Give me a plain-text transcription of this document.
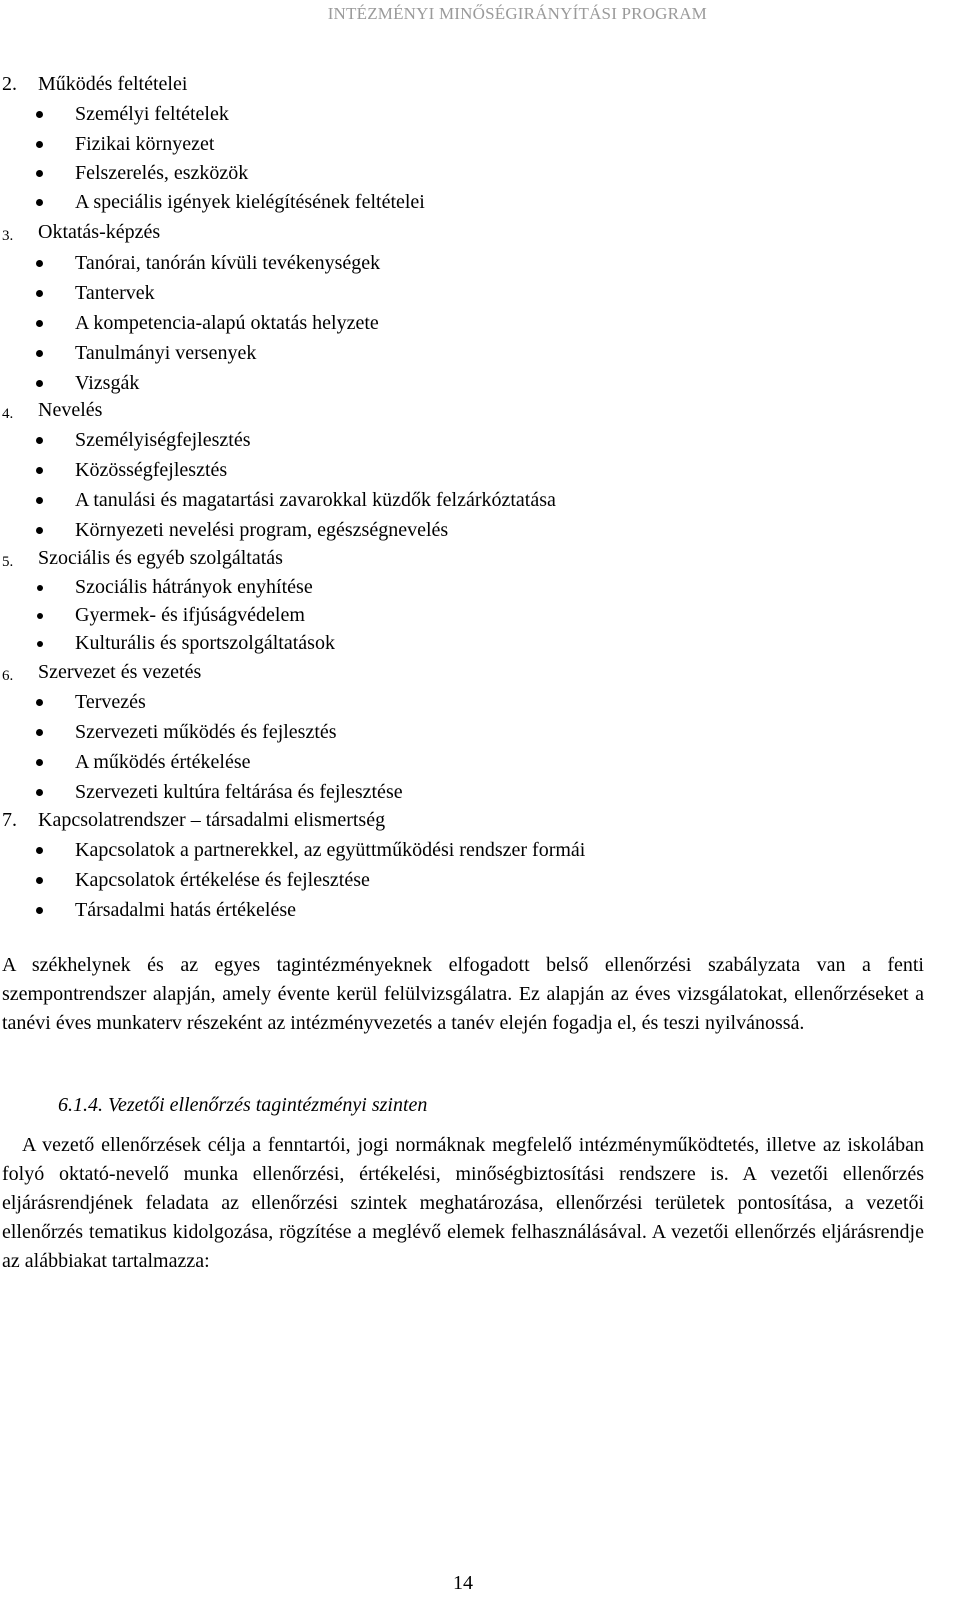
INTÉZMÉNYI MINŐSÉGIRÁNYÍTÁSI PROGRAM
2. Működés feltételei
Személyi feltételek
Fizikai környezet
Felszerelés, eszközök
A speciális igények kielégítésének feltételei
3. Oktatás-képzés
Tanórai, tanórán kívüli tevékenységek
Tantervek
A kompetencia-alapú oktatás helyzete
Tanulmányi versenyek
Vizsgák
4. Nevelés
Személyiségfejlesztés
Közösségfejlesztés
A tanulási és magatartási zavarokkal küzdők felzárkóztatása
Környezeti nevelési program, egészségnevelés
5. Szociális és egyéb szolgáltatás
Szociális hátrányok enyhítése
Gyermek- és ifjúságvédelem
Kulturális és sportszolgáltatások
6. Szervezet és vezetés
Tervezés
Szervezeti működés és fejlesztés
A működés értékelése
Szervezeti kultúra feltárása és fejlesztése
7. Kapcsolatrendszer – társadalmi elismertség
Kapcsolatok a partnerekkel, az együttműködési rendszer formái
Kapcsolatok értékelése és fejlesztése
Társadalmi hatás értékelése

A székhelynek és az egyes tagintézményeknek elfogadott belső ellenőrzési szabályzata van a fenti szempontrendszer alapján, amely évente kerül felülvizsgálatra. Ez alapján az éves vizsgálatokat, ellenőrzéseket a tanévi éves munkaterv részeként az intézményvezetés a tanév elején fogadja el, és teszi nyilvánossá.

6.1.4. Vezetői ellenőrzés tagintézményi szinten

A vezető ellenőrzések célja a fenntartói, jogi normáknak megfelelő intézményműködtetés, illetve az iskolában folyó oktató-nevelő munka ellenőrzési, értékelési, minőségbiztosítási rendszere is. A vezetői ellenőrzés eljárásrendjének feladata az ellenőrzési szintek meghatározása, ellenőrzési területek pontosítása, a vezetői ellenőrzés tematikus kidolgozása, rögzítése a meglévő elemek felhasználásával. A vezetői ellenőrzés eljárásrendje az alábbiakat tartalmazza:

14
